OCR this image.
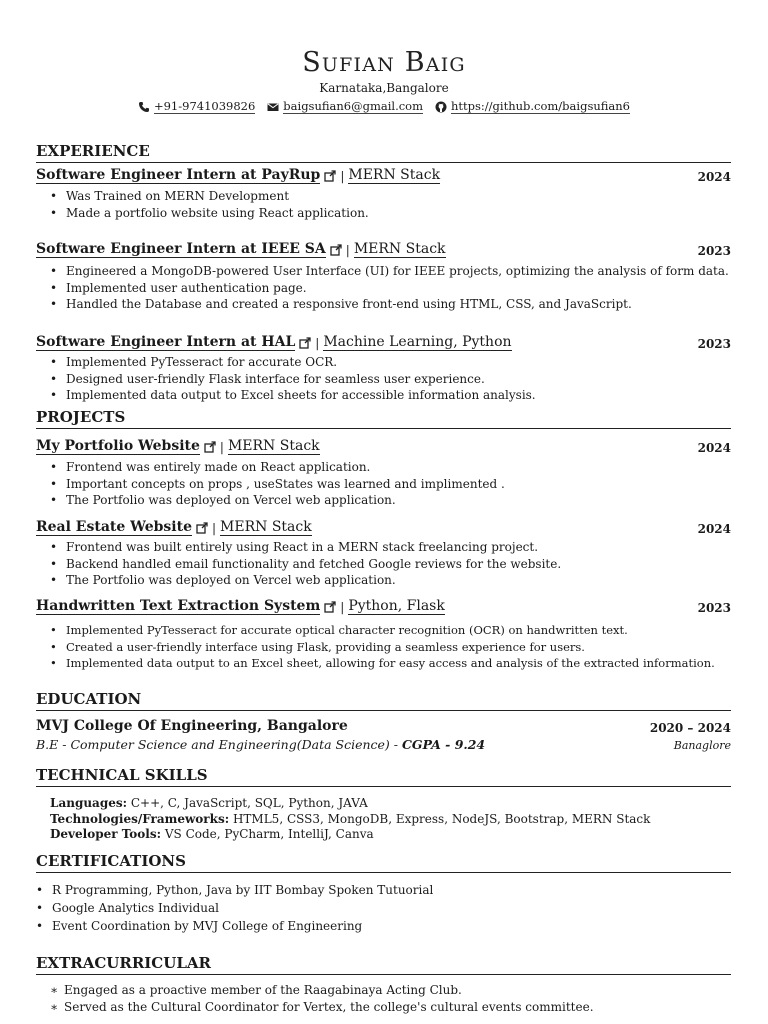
Sufian Baig
Karnataka,Bangalore
+91-9741039826 baigsufian6@gmail.com https://github.com/baigsufian6
EXPERIENCE
Software Engineer Intern at PayRup | MERN Stack	2024
• Was Trained on MERN Development
• Made a portfolio website using React application.
Software Engineer Intern at IEEE SA | MERN Stack	2023
• Engineered a MongoDB-powered User Interface (UI) for IEEE projects, optimizing the analysis of form data.
• Implemented user authentication page.
• Handled the Database and created a responsive front-end using HTML, CSS, and JavaScript.
Software Engineer Intern at HAL | Machine Learning, Python	2023
• Implemented PyTesseract for accurate OCR.
• Designed user-friendly Flask interface for seamless user experience.
• Implemented data output to Excel sheets for accessible information analysis.
PROJECTS
My Portfolio Website | MERN Stack	2024
• Frontend was entirely made on React application.
• Important concepts on props , useStates was learned and implimented .
• The Portfolio was deployed on Vercel web application.
Real Estate Website | MERN Stack	2024
• Frontend was built entirely using React in a MERN stack freelancing project.
• Backend handled email functionality and fetched Google reviews for the website.
• The Portfolio was deployed on Vercel web application.
Handwritten Text Extraction System | Python, Flask	2023
• Implemented PyTesseract for accurate optical character recognition (OCR) on handwritten text.
• Created a user-friendly interface using Flask, providing a seamless experience for users.
• Implemented data output to an Excel sheet, allowing for easy access and analysis of the extracted information.
EDUCATION
MVJ College Of Engineering, Bangalore	2020 – 2024
B.E - Computer Science and Engineering(Data Science) - CGPA - 9.24	Banaglore
TECHNICAL SKILLS
Languages: C++, C, JavaScript, SQL, Python, JAVA
Technologies/Frameworks: HTML5, CSS3, MongoDB, Express, NodeJS, Bootstrap, MERN Stack
Developer Tools: VS Code, PyCharm, IntelliJ, Canva
CERTIFICATIONS
• R Programming, Python, Java by IIT Bombay Spoken Tutuorial
• Google Analytics Individual
• Event Coordination by MVJ College of Engineering
EXTRACURRICULAR
∗ Engaged as a proactive member of the Raagabinaya Acting Club.
∗ Served as the Cultural Coordinator for Vertex, the college's cultural events committee.
